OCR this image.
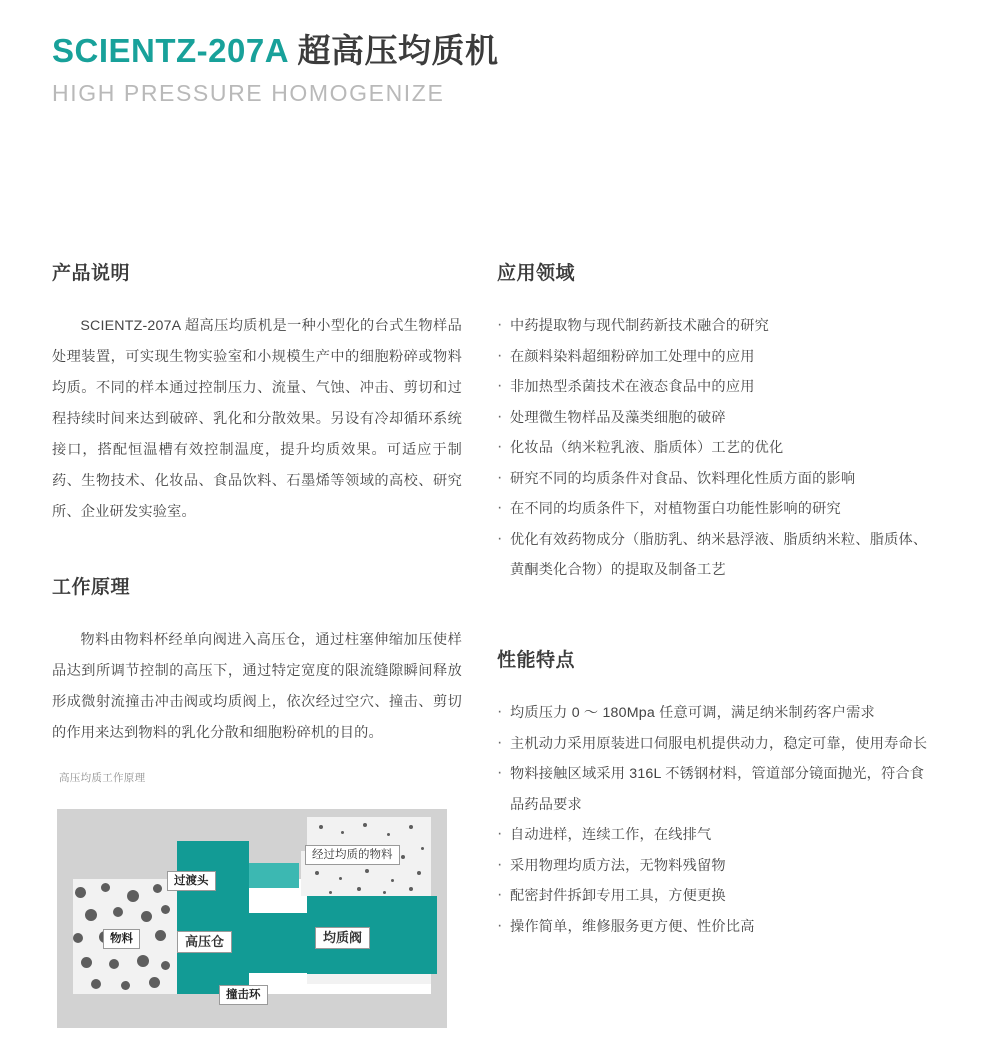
SCIENTZ-207A 超高压均质机
HIGH PRESSURE HOMOGENIZE
产品说明

SCIENTZ-207A 超高压均质机是一种小型化的台式生物样品处理装置，可实现生物实验室和小规模生产中的细胞粉碎或物料均质。不同的样本通过控制压力、流量、气蚀、冲击、剪切和过程持续时间来达到破碎、乳化和分散效果。另设有冷却循环系统接口，搭配恒温槽有效控制温度，提升均质效果。可适应于制药、生物技术、化妆品、食品饮料、石墨烯等领域的高校、研究所、企业研发实验室。

应用领域
· 中药提取物与现代制药新技术融合的研究
· 在颜料染料超细粉碎加工处理中的应用
· 非加热型杀菌技术在液态食品中的应用
· 处理微生物样品及藻类细胞的破碎
· 化妆品（纳米粒乳液、脂质体）工艺的优化
· 研究不同的均质条件对食品、饮料理化性质方面的影响
· 在不同的均质条件下，对植物蛋白功能性影响的研究
· 优化有效药物成分（脂肪乳、纳米悬浮液、脂质纳米粒、脂质体、黄酮类化合物）的提取及制备工艺
工作原理

物料由物料杯经单向阀进入高压仓，通过柱塞伸缩加压使样品达到所调节控制的高压下，通过特定宽度的限流缝隙瞬间释放形成微射流撞击冲击阀或均质阀上，依次经过空穴、撞击、剪切的作用来达到物料的乳化分散和细胞粉碎机的目的。

性能特点
· 均质压力 0 ～ 180Mpa 任意可调，满足纳米制药客户需求
· 主机动力采用原装进口伺服电机提供动力，稳定可靠，使用寿命长
· 物料接触区域采用 316L 不锈钢材料，管道部分镜面抛光，符合食品药品要求
· 自动进样，连续工作，在线排气
· 采用物理均质方法，无物料残留物
· 配密封件拆卸专用工具，方便更换
· 操作简单，维修服务更方便、性价比高
高压均质工作原理
经过均质的物料
过渡头
物料	高压仓	均质阀
撞击环
